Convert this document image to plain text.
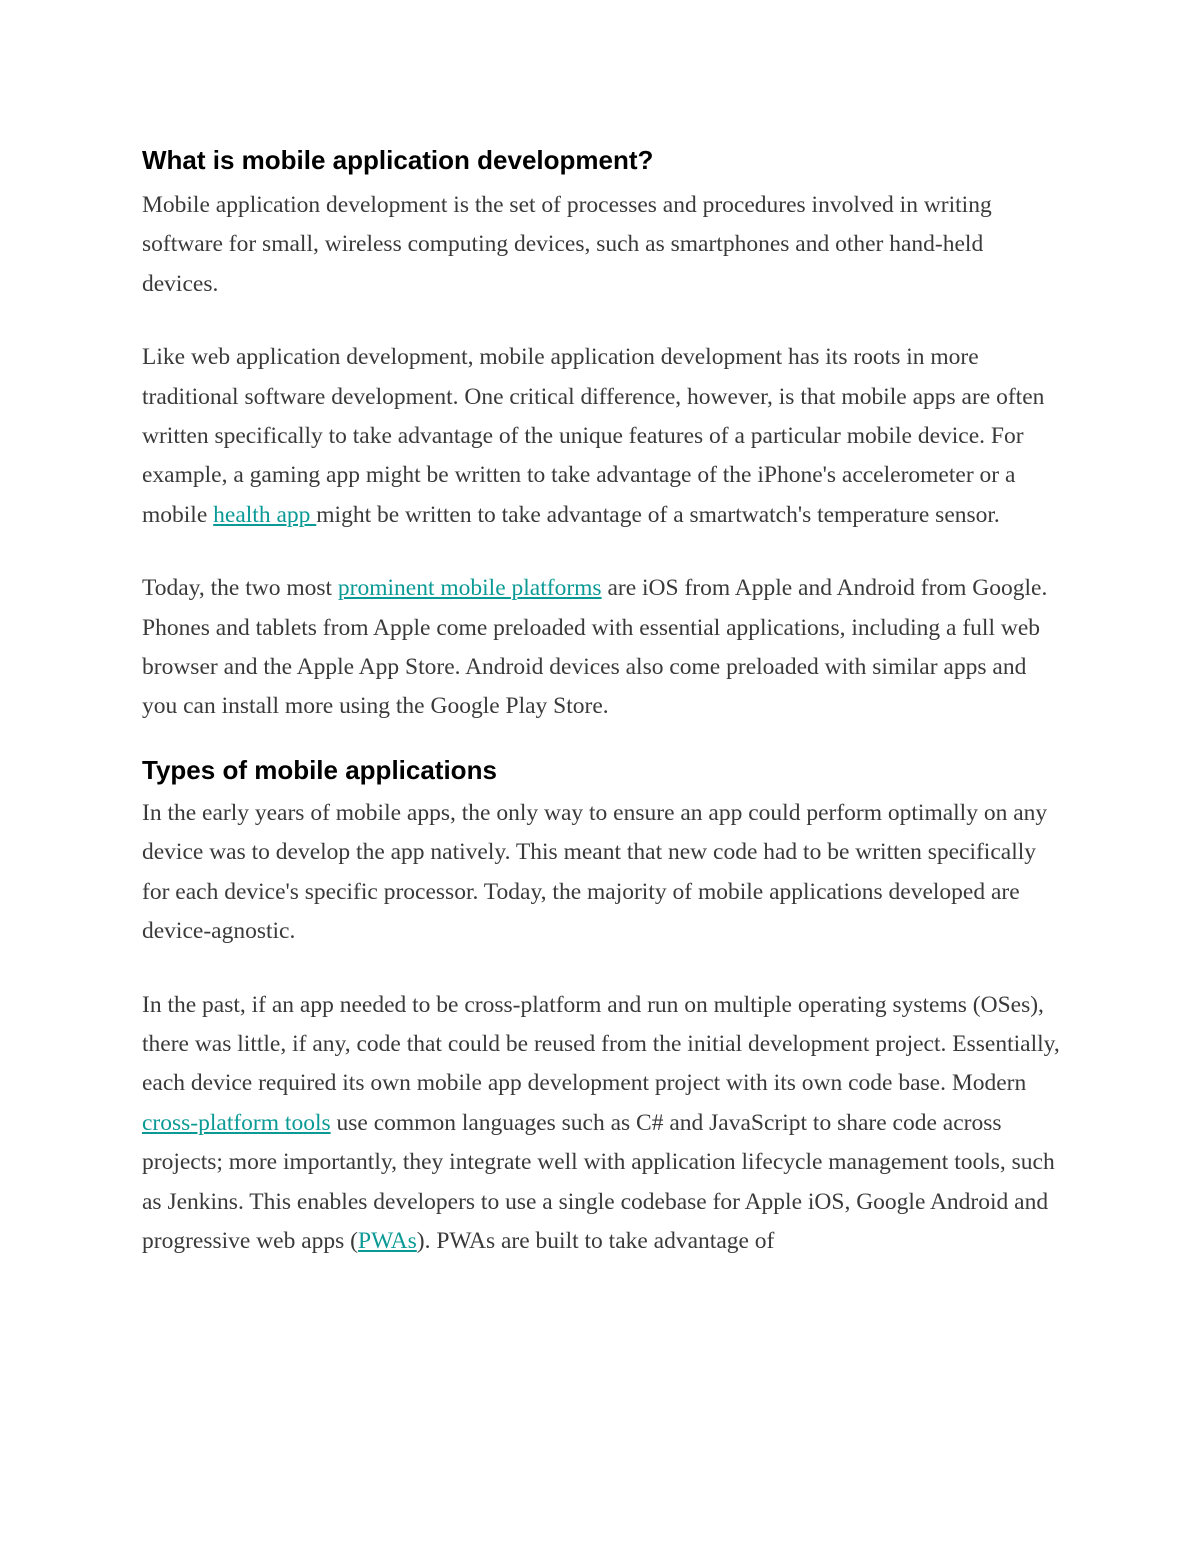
What is mobile application development?

Mobile application development is the set of processes and procedures involved in writing software for small, wireless computing devices, such as smartphones and other hand-held devices.

Like web application development, mobile application development has its roots in more traditional software development. One critical difference, however, is that mobile apps are often written specifically to take advantage of the unique features of a particular mobile device. For example, a gaming app might be written to take advantage of the iPhone's accelerometer or a mobile health app might be written to take advantage of a smartwatch's temperature sensor.

Today, the two most prominent mobile platforms are iOS from Apple and Android from Google. Phones and tablets from Apple come preloaded with essential applications, including a full web browser and the Apple App Store. Android devices also come preloaded with similar apps and you can install more using the Google Play Store.

Types of mobile applications

In the early years of mobile apps, the only way to ensure an app could perform optimally on any device was to develop the app natively. This meant that new code had to be written specifically for each device's specific processor. Today, the majority of mobile applications developed are device-agnostic.

In the past, if an app needed to be cross-platform and run on multiple operating systems (OSes), there was little, if any, code that could be reused from the initial development project. Essentially, each device required its own mobile app development project with its own code base. Modern cross-platform tools use common languages such as C# and JavaScript to share code across projects; more importantly, they integrate well with application lifecycle management tools, such as Jenkins. This enables developers to use a single codebase for Apple iOS, Google Android and progressive web apps (PWAs). PWAs are built to take advantage of
